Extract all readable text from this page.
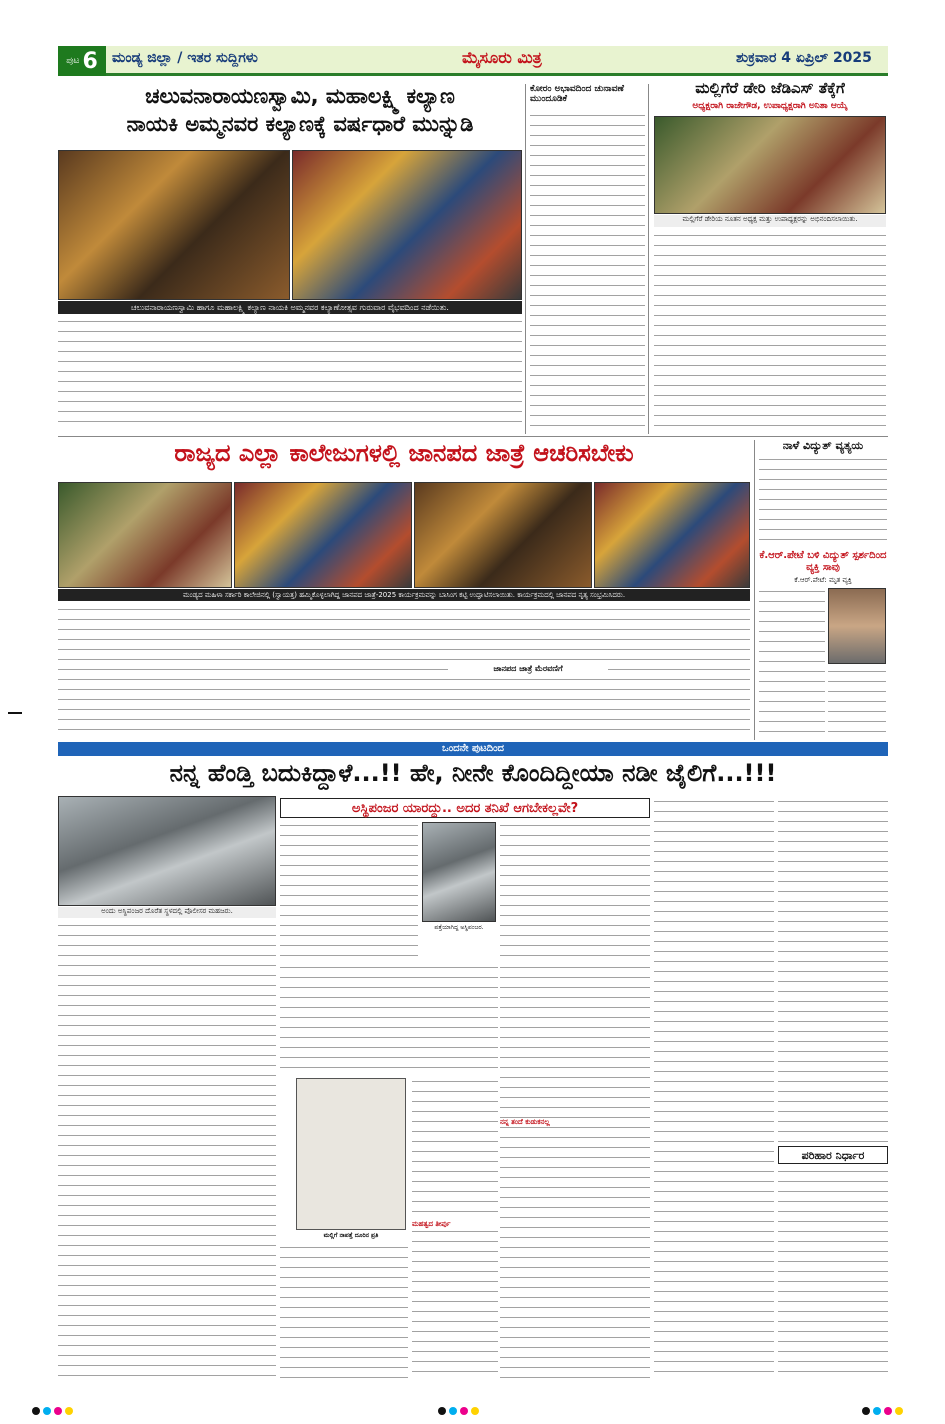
ಪುಟ 6 ಮಂಡ್ಯ ಜಿಲ್ಲಾ / ಇತರ ಸುದ್ದಿಗಳು	ಮೈಸೂರು ಮಿತ್ರ	ಶುಕ್ರವಾರ 4 ಏಪ್ರಿಲ್ 2025
ಚಲುವನಾರಾಯಣಸ್ವಾಮಿ, ಮಹಾಲಕ್ಷ್ಮಿ ಕಲ್ಯಾಣ
ನಾಯಕಿ ಅಮ್ಮನವರ ಕಲ್ಯಾಣಕ್ಕೆ ವರ್ಷಧಾರೆ ಮುನ್ನುಡಿ
ಚಲುವನಾರಾಯಣಸ್ವಾಮಿ ಹಾಗೂ ಮಹಾಲಕ್ಷ್ಮಿ ಕಲ್ಯಾಣ ನಾಯಕಿ ಅಮ್ಮನವರ ಕಲ್ಯಾಣೋತ್ಸವ ಗುರುವಾರ ವೈಭವದಿಂದ ನಡೆಯಿತು.
ಕೋರಂ ಅಭಾವದಿಂದ ಚುನಾವಣೆ ಮುಂದೂಡಿಕೆ
ಮಲ್ಲಿಗೆರೆ ಡೇರಿ ಜೆಡಿಎಸ್ ತೆಕ್ಕೆಗೆ
ಅಧ್ಯಕ್ಷರಾಗಿ ರಾಜೇಗೌಡ, ಉಪಾಧ್ಯಕ್ಷರಾಗಿ ಅನಿತಾ ಆಯ್ಕೆ
ಮಲ್ಲಿಗೆರೆ ಡೇರಿಯ ನೂತನ ಅಧ್ಯಕ್ಷ ಮತ್ತು ಉಪಾಧ್ಯಕ್ಷರನ್ನು ಅಭಿನಂದಿಸಲಾಯಿತು.
ರಾಜ್ಯದ ಎಲ್ಲಾ ಕಾಲೇಜುಗಳಲ್ಲಿ ಜಾನಪದ ಜಾತ್ರೆ ಆಚರಿಸಬೇಕು
ಮಂಡ್ಯದ ಮಹಿಳಾ ಸರ್ಕಾರಿ ಕಾಲೇಜಿನಲ್ಲಿ (ಸ್ವಾಯತ್ತ) ಹಮ್ಮಿಕೊಳ್ಳಲಾಗಿದ್ದ ಜಾನಪದ ಜಾತ್ರೆ-2025 ಕಾರ್ಯಕ್ರಮವನ್ನು ಬಾಸಿಂಗ ಕಟ್ಟಿ ಉದ್ಘಾಟಿಸಲಾಯಿತು. ಕಾರ್ಯಕ್ರಮದಲ್ಲಿ ಜಾನಪದ ನೃತ್ಯ ಸಂಭ್ರಮಿಸಿದರು.
ಜಾನಪದ ಜಾತ್ರೆ ಮೆರವಣಿಗೆ
ನಾಳೆ ವಿದ್ಯುತ್ ವ್ಯತ್ಯಯ
ಕೆ.ಆರ್.ಪೇಟೆ ಬಳಿ ವಿದ್ಯುತ್ ಸ್ಪರ್ಶದಿಂದ ವ್ಯಕ್ತಿ ಸಾವು
ಕೆ.ಆರ್.ಪೇಟೆ: ಮೃತ ವ್ಯಕ್ತಿ
ಒಂದನೇ ಪುಟದಿಂದ
ನನ್ನ ಹೆಂಡ್ತಿ ಬದುಕಿದ್ದಾಳೆ...!! ಹೇ, ನೀನೇ ಕೊಂದಿದ್ದೀಯಾ ನಡೀ ಜೈಲಿಗೆ...!!!
ಅಂದು ಅಸ್ಥಿಪಂಜರ ದೊರೆತ ಸ್ಥಳದಲ್ಲಿ ಪೊಲೀಸರ ಮಹಜರು.
ಅಸ್ಥಿಪಂಜರ ಯಾರದ್ದು.. ಅದರ ತನಿಖೆ ಆಗಬೇಕಲ್ಲವೇ?
ಪತ್ತೆಯಾಗಿದ್ದ ಅಸ್ಥಿಪಂಜರ.
ಮಲ್ಲಿಗೆ ನಾಪತ್ತೆ ದೂರಿನ ಪ್ರತಿ
ನನ್ನ ತಂದೆ ಕುಡುಕನಲ್ಲ
ಮಹತ್ವದ ತೀರ್ಪು
ಪರಿಹಾರ ನಿರ್ಧಾರ
